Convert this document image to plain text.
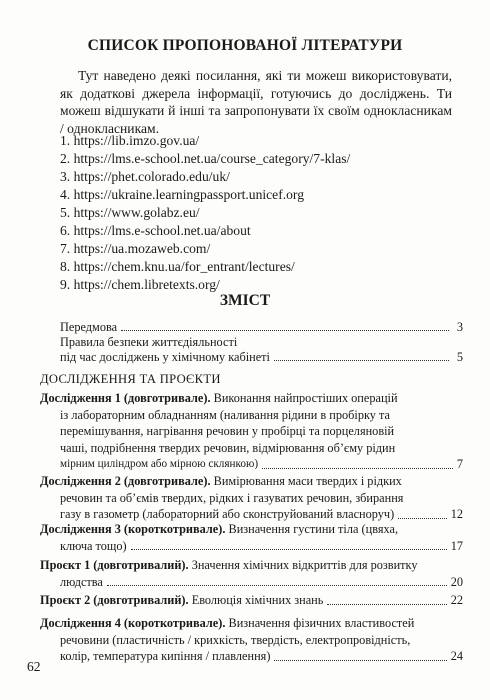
СПИСОК ПРОПОНОВАНОЇ ЛІТЕРАТУРИ
Тут наведено деякі посилання, які ти можеш використовувати, як додаткові джерела інформації, готуючись до досліджень. Ти можеш відшукати й інші та запропонувати їх своїм однокласникам / однокласникам.
1. https://lib.imzo.gov.ua/
2. https://lms.e-school.net.ua/course_category/7-klas/
3. https://phet.colorado.edu/uk/
4. https://ukraine.learningpassport.unicef.org
5. https://www.golabz.eu/
6. https://lms.e-school.net.ua/about
7. https://ua.mozaweb.com/
8. https://chem.knu.ua/for_entrant/lectures/
9. https://chem.libretexts.org/
ЗМІСТ
Передмова	3
Правила безпеки життєдіяльності
під час досліджень у хімічному кабінеті	5
ДОСЛІДЖЕННЯ ТА ПРОЄКТИ
Дослідження 1 (довготривале). Виконання найпростіших операцій
із лабораторним обладнанням (наливання рідини в пробірку та
перемішування, нагрівання речовин у пробірці та порцеляновій
чаші, подрібнення твердих речовин, відмірювання об’єму рідин
мірним циліндром або мірною склянкою)	7
Дослідження 2 (довготривале). Вимірювання маси твердих і рідких
речовин та об’ємів твердих, рідких і газуватих речовин, збирання
газу в газометр (лабораторний або сконструйований власноруч)	12
Дослідження 3 (короткотривале). Визначення густини тіла (цвяха,
ключа тощо)	17
Проєкт 1 (довготривалий). Значення хімічних відкриттів для розвитку
людства	20
Проєкт 2 (довготривалий).
Еволюція хімічних знань	22
Дослідження 4 (короткотривале). Визначення фізичних властивостей
речовини (пластичність / крихкість, твердість, електропровідність,
колір, температура кипіння / плавлення)	24
62
